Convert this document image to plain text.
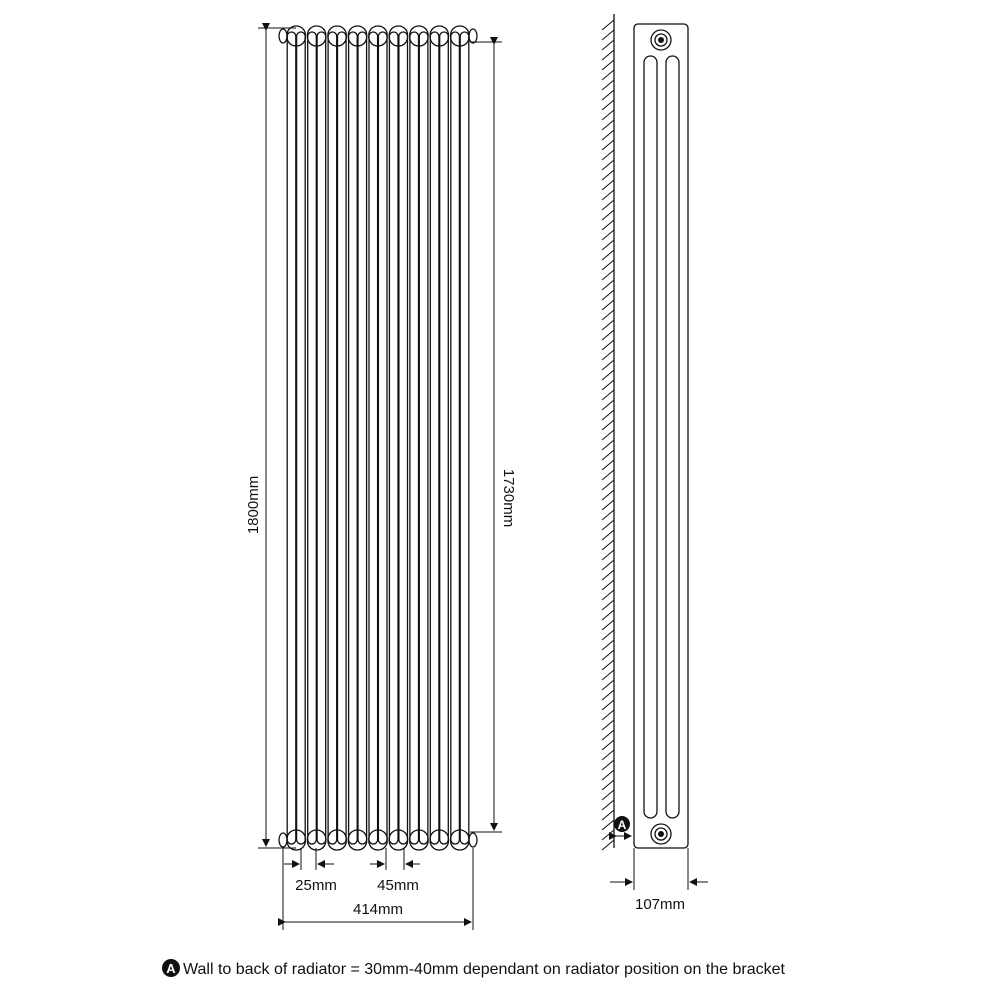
1800mm	1730mm
25mm	45mm
414mm
A
107mm
A Wall to back of radiator = 30mm-40mm dependant on radiator position on the bracket
